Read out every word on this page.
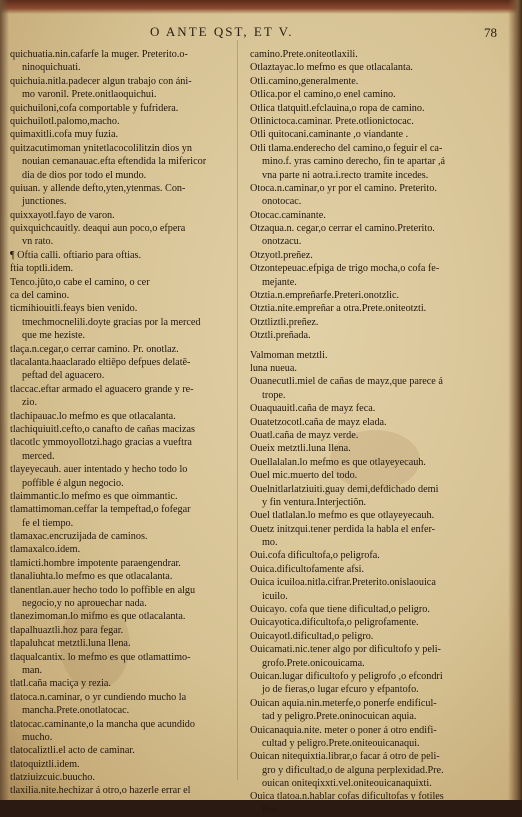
O ANTE QST, ET V.	78
quichuatia.nin.cafarfe la muger. Preterito.o-
ninoquichuati.
quichuia.nitla.padecer algun trabajo con áni-
mo varonil. Prete.onitlaoquichui.
quichuiloni,cofa comportable y fufridera.
quichuilotl.palomo,macho.
quimaxitli.cofa muy fuzia.
quitzacutimoman ynitetlacocolilitzin dios yn
nouian cemanauac.efta eftendida la mifericor
dia de dios por todo el mundo.
quiuan. y allende defto,yten,ytenmas. Con-
junctiones.
quixxayotl.fayo de varon.
quixquichcauitly. deaqui aun poco,o efpera
vn rato.
¶ Oftia calli. oftiario para oftias.
ftia toptli.idem.
Tenco.jūto,o cabe el camino, o cer
ca del camino.
ticmihiouitli.feays bien venido.
tmechmocnelili.doyte gracias por la merced
que me heziste.
tlaça.n.cegar,o cerrar camino. Pr. onotlaz.
tlacalanta.haaclarado eltiēpo defpues delatē-
peftad del aguacero.
tlaccac.eftar armado el aguacero grande y re-
zio.
tlachipauac.lo mefmo es que otlacalanta.
tlachiquiuitl.cefto,o canafto de cañas macizas
tlacotlc ymmoyollotzi.hago gracias a vueftra
merced.
tlayeyecauh. auer intentado y hecho todo lo
poffible é algun negocio.
tlaimmantic.lo mefmo es que oimmantic.
tlamattimoman.ceffar la tempeftad,o fofegar
fe el tiempo.
tlamaxac.encruzijada de caminos.
tlamaxalco.idem.
tlamicti.hombre impotente paraengendrar.
tlanaliuhta.lo mefmo es que otlacalanta.
tlanentlan.auer hecho todo lo poffible en algu
negocio,y no aprouechar nada.
tlanezimoman.lo mifmo es que otlacalanta.
tlapalhuaztli.hoz para fegar.
tlapaluhcat metztli.luna llena.
tlaqualcantix. lo mefmo es que otlamattimo-
man.
tlatl.caña maciça y rezia.
tlatoca.n.caminar, o yr cundiendo mucho la
mancha.Prete.onotlatocac.
tlatocac.caminante,o la mancha que acundido
mucho.
tlatocaliztli.el acto de caminar.
tlatoquiztli.idem.
tlatziuizcuic.buucho.
tlaxilia.nite.hechizar á otro,o hazerle errar el
camino.Prete.oniteotlaxili.
Otlaztayac.lo mefmo es que otlacalanta.
Otli.camino,generalmente.
Otlica.por el camino,o enel camino.
Otlica tlatquitl.efclauina,o ropa de camino.
Otlinictoca.caminar. Prete.otlionictocac.
Otli quitocani.caminante ,o viandante .
Otli tlama.enderecho del camino,o feguir el ca-
mino.f. yras camino derecho, fin te apartar ,á
vna parte ni aotra.i.recto tramite incedes.
Otoca.n.caminar,o yr por el camino. Preterito.
onotocac.
Otocac.caminante.
Otzaqua.n. cegar,o cerrar el camino.Preterito.
onotzacu.
Otzyotl.preñez.
Otzontepeuac.efpiga de trigo mocha,o cofa fe-
mejante.
Otztia.n.empreñarfe.Preteri.onotzlic.
Otztia.nite.empreñar a otra.Prete.oniteotzti.
Otztliztli.preñez.
Otztli.preñada.
Valmoman metztli.
luna nueua.
Ouanecutli.miel de cañas de mayz,que parece á
trope.
Ouaquauitl.caña de mayz feca.
Ouatetzocotl.caña de mayz elada.
Ouatl.caña de mayz verde.
Oueix metztli.luna llena.
Ouellalalan.lo mefmo es que otlayeyecauh.
Ouel mic.muerto del todo.
Ouelnitlarlatziuiti.guay demi,defdichado demi
y fin ventura.Interjectiõn.
Ouel tlatlalan.lo mefmo es que otlayeyecauh.
Ouetz initzqui.tener perdida la habla el enfer-
mo.
Oui.cofa dificultofa,o peligrofa.
Ouica.dificultofamente afsi.
Ouica icuiloa.nitla.cifrar.Preterito.onislaouica
icuilo.
Ouicayo. cofa que tiene dificultad,o peligro.
Ouicayotica.dificultofa,o peligrofamente.
Ouicayotl.dificultad,o peligro.
Ouicamati.nic.tener algo por dificultofo y peli-
grofo.Prete.onicouicama.
Ouican.lugar dificultofo y peligrofo ,o efcondri
jo de fieras,o lugar efcuro y efpantofo.
Ouican aquia.nin.meterfe,o ponerfe endificul-
tad y peligro.Prete.oninocuican aquia.
Ouicanaquia.nite. meter o poner á otro endifi-
cultad y peligro.Prete.oniteouicanaqui.
Ouican nitequixtia.librar,o facar á otro de peli-
gro y dificultad,o de alguna perplexidad.Pre.
ouican oniteqixxti.vel.oniteouicanaquixti.
Ouica tlatoa.n.hablar cofas dificultofas y fotiles
Pre.
